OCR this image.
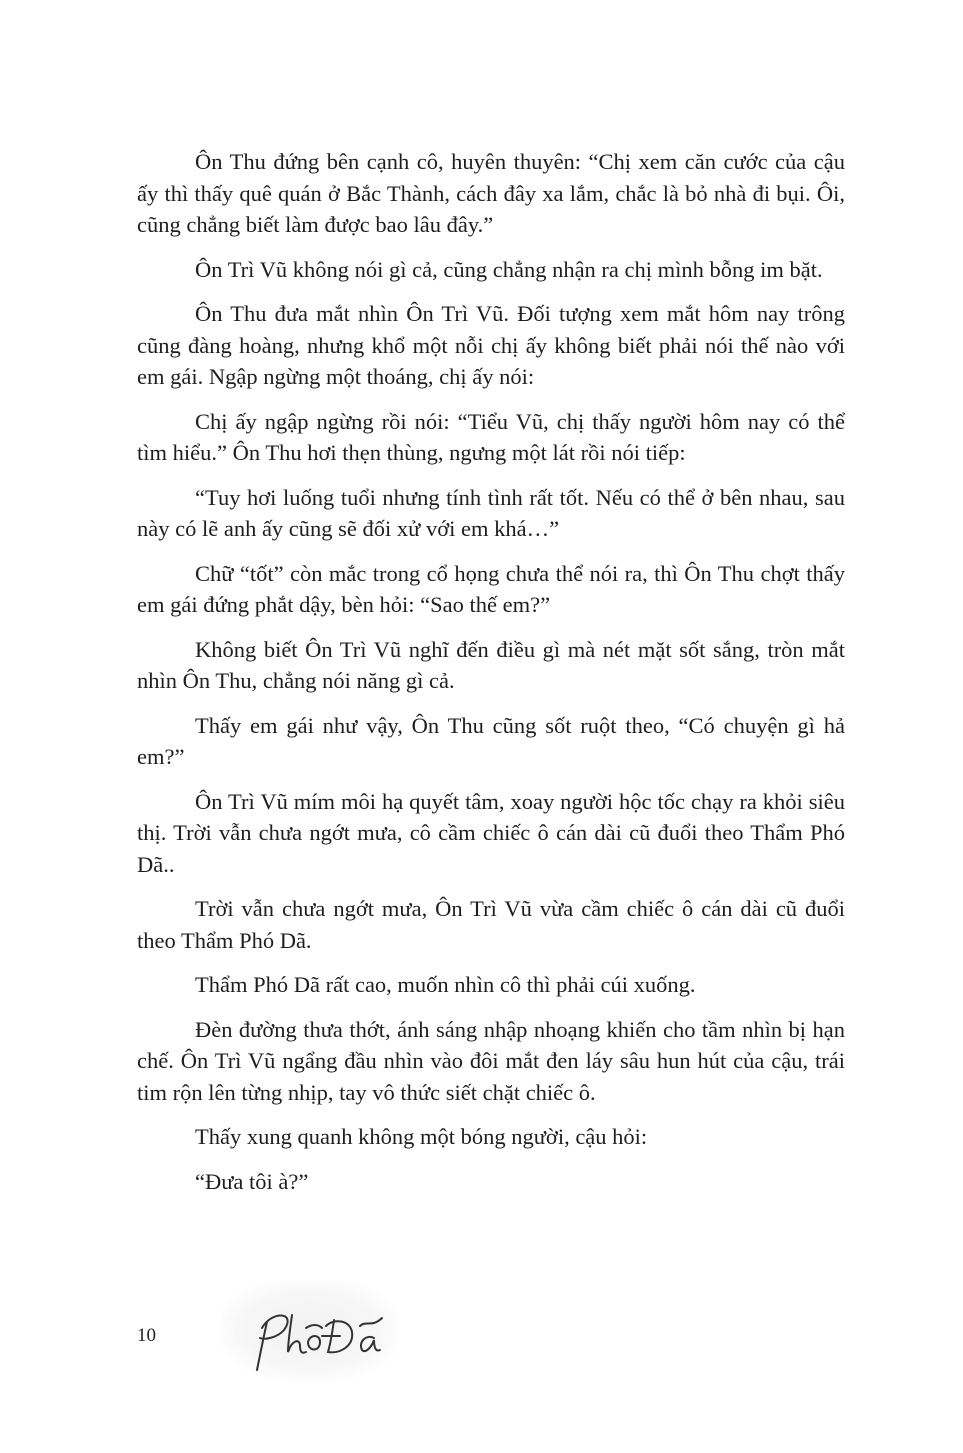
Ôn Thu đứng bên cạnh cô, huyên thuyên: “Chị xem căn cước của cậu ấy thì thấy quê quán ở Bắc Thành, cách đây xa lắm, chắc là bỏ nhà đi bụi. Ôi, cũng chẳng biết làm được bao lâu đây.”

Ôn Trì Vũ không nói gì cả, cũng chẳng nhận ra chị mình bỗng im bặt.

Ôn Thu đưa mắt nhìn Ôn Trì Vũ. Đối tượng xem mắt hôm nay trông cũng đàng hoàng, nhưng khổ một nỗi chị ấy không biết phải nói thế nào với em gái. Ngập ngừng một thoáng, chị ấy nói:

Chị ấy ngập ngừng rồi nói: “Tiểu Vũ, chị thấy người hôm nay có thể tìm hiểu.” Ôn Thu hơi thẹn thùng, ngưng một lát rồi nói tiếp:

“Tuy hơi luống tuổi nhưng tính tình rất tốt. Nếu có thể ở bên nhau, sau này có lẽ anh ấy cũng sẽ đối xử với em khá…”

Chữ “tốt” còn mắc trong cổ họng chưa thể nói ra, thì Ôn Thu chợt thấy em gái đứng phắt dậy, bèn hỏi: “Sao thế em?”

Không biết Ôn Trì Vũ nghĩ đến điều gì mà nét mặt sốt sắng, tròn mắt nhìn Ôn Thu, chẳng nói năng gì cả.

Thấy em gái như vậy, Ôn Thu cũng sốt ruột theo, “Có chuyện gì hả em?”

Ôn Trì Vũ mím môi hạ quyết tâm, xoay người hộc tốc chạy ra khỏi siêu thị. Trời vẫn chưa ngớt mưa, cô cầm chiếc ô cán dài cũ đuổi theo Thẩm Phó Dã..

Trời vẫn chưa ngớt mưa, Ôn Trì Vũ vừa cầm chiếc ô cán dài cũ đuổi theo Thẩm Phó Dã.

Thẩm Phó Dã rất cao, muốn nhìn cô thì phải cúi xuống.

Đèn đường thưa thớt, ánh sáng nhập nhoạng khiến cho tầm nhìn bị hạn chế. Ôn Trì Vũ ngẩng đầu nhìn vào đôi mắt đen láy sâu hun hút của cậu, trái tim rộn lên từng nhịp, tay vô thức siết chặt chiếc ô.

Thấy xung quanh không một bóng người, cậu hỏi:

“Đưa tôi à?”

10
